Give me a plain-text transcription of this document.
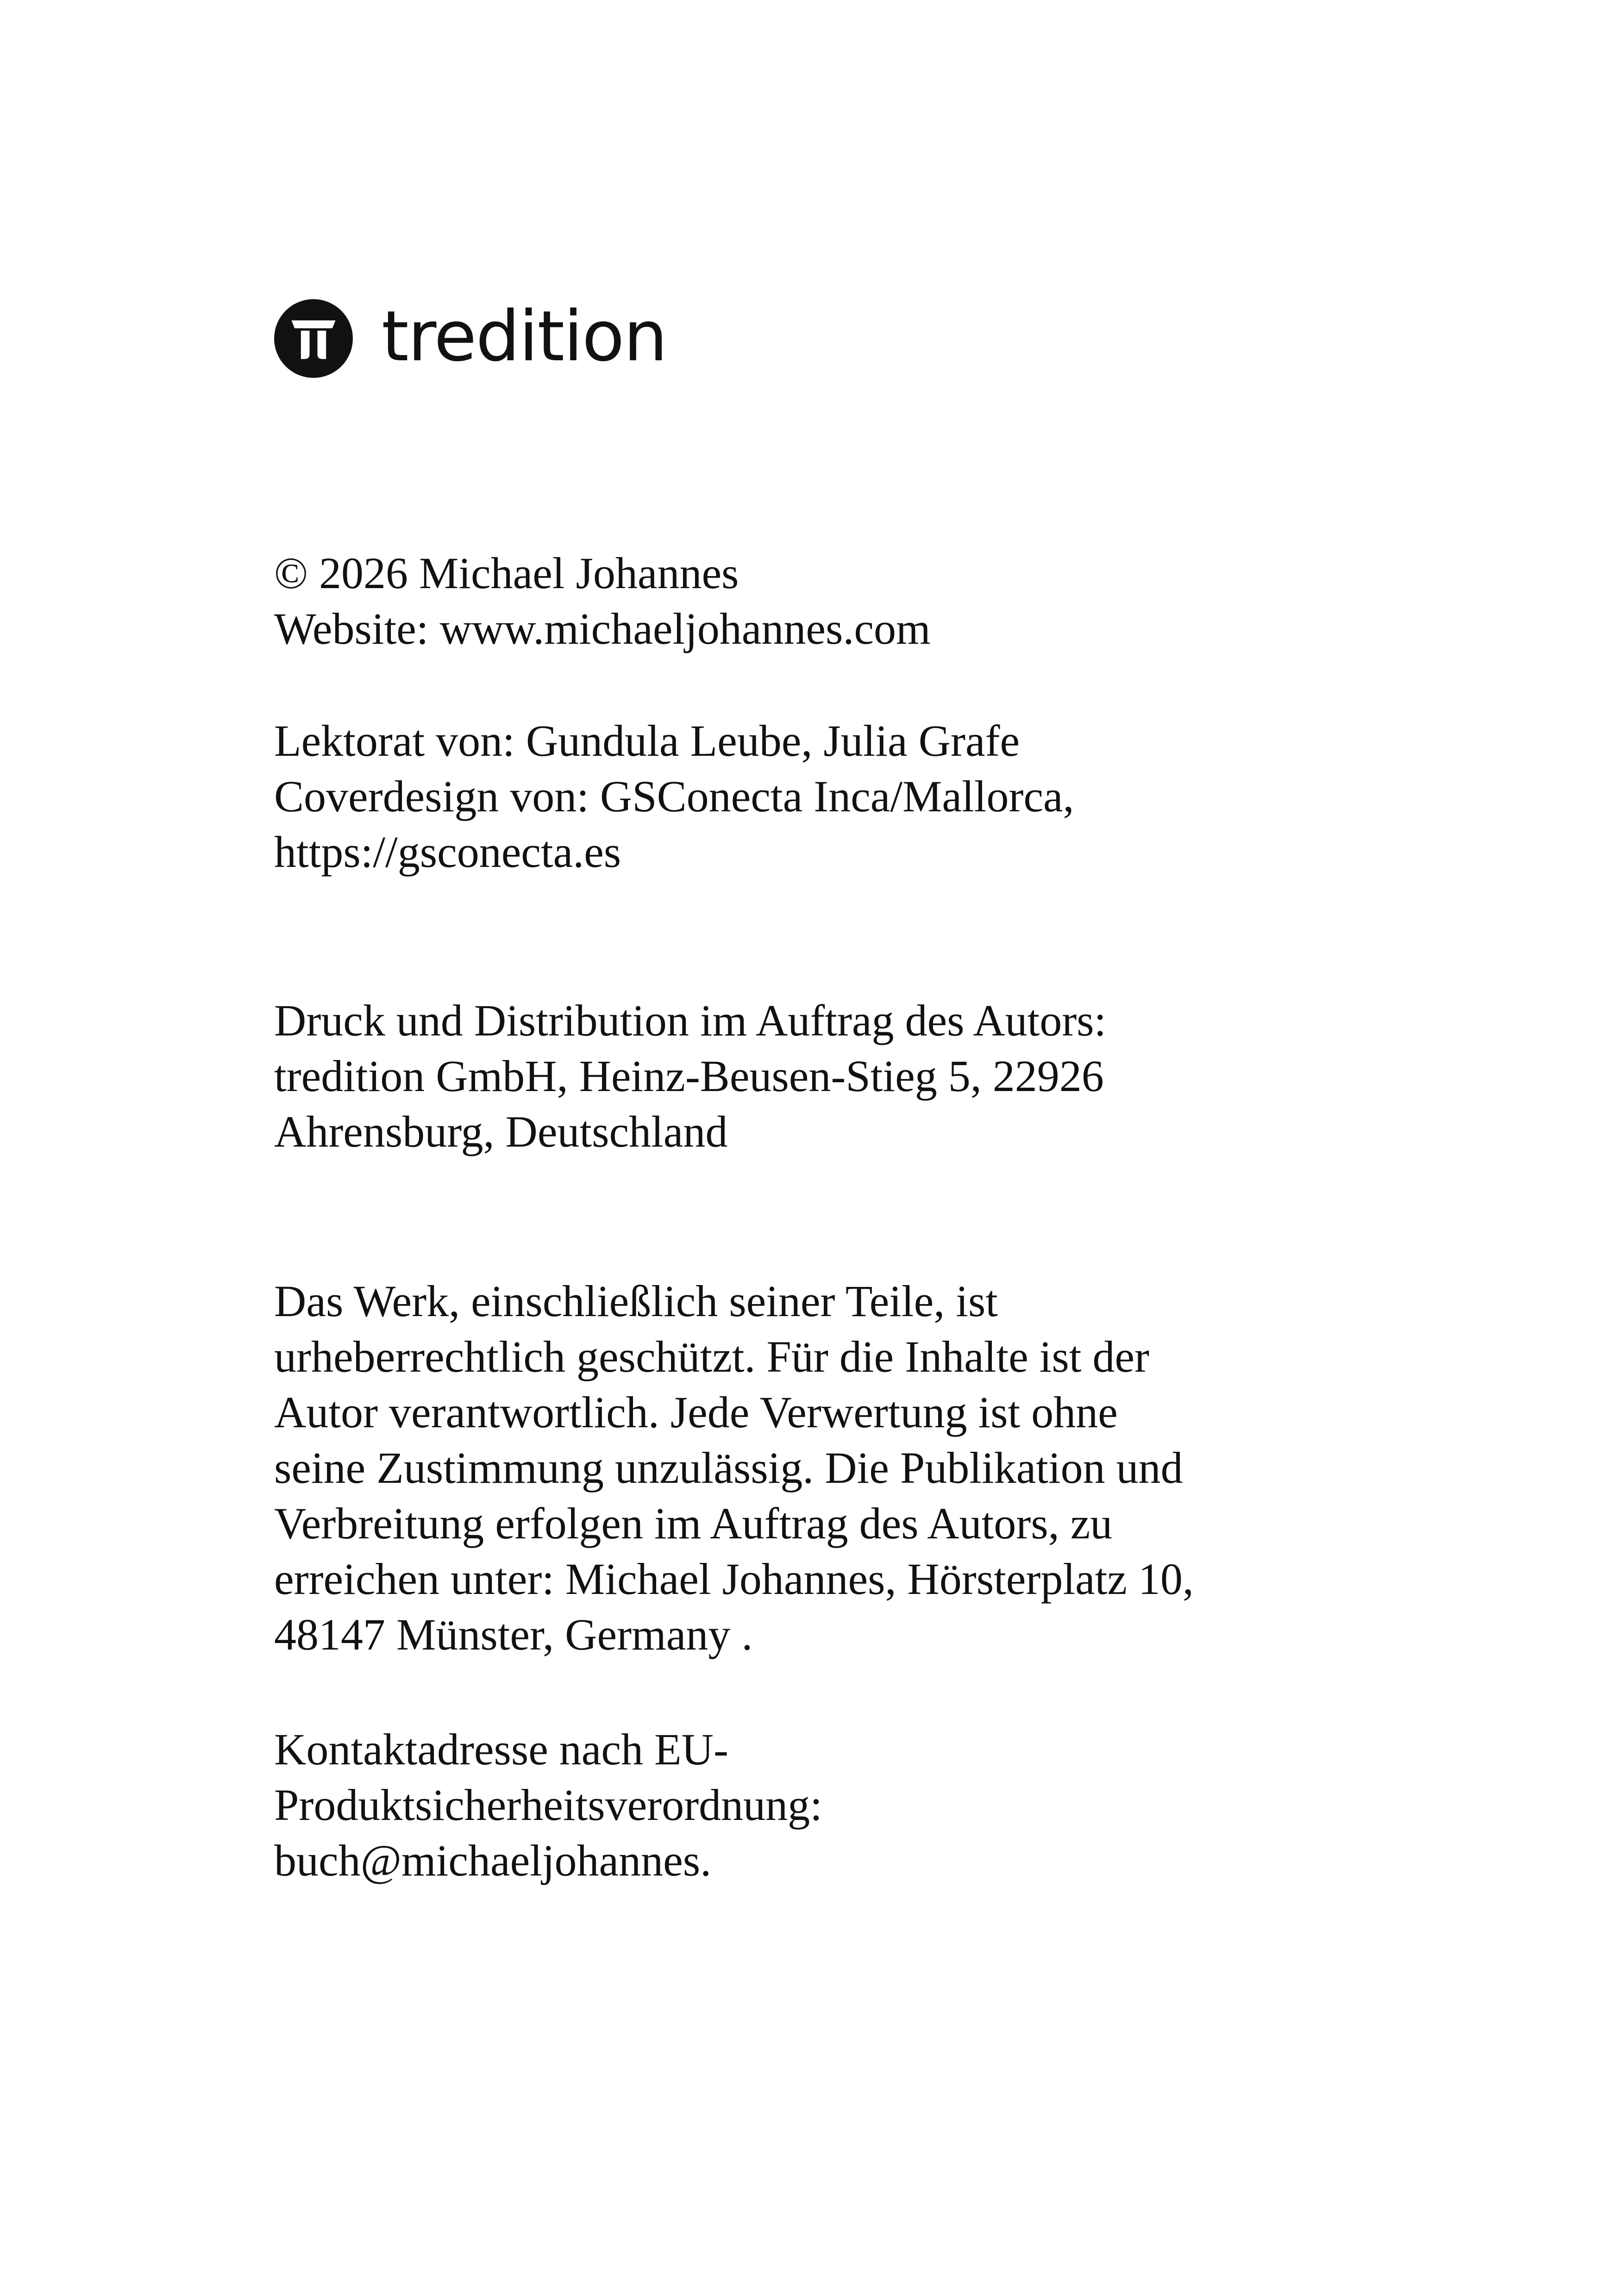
tredition

© 2026 Michael Johannes

Website: www.michaeljohannes.com

Lektorat von: Gundula Leube, Julia Grafe

Coverdesign von: GSConecta Inca/Mallorca,

https://gsconecta.es

Druck und Distribution im Auftrag des Autors:

tredition GmbH, Heinz-Beusen-Stieg 5, 22926

Ahrensburg, Deutschland

Das Werk, einschließlich seiner Teile, ist

urheberrechtlich geschützt. Für die Inhalte ist der

Autor verantwortlich. Jede Verwertung ist ohne

seine Zustimmung unzulässig. Die Publikation und

Verbreitung erfolgen im Auftrag des Autors, zu

erreichen unter: Michael Johannes, Hörsterplatz 10,

48147 Münster, Germany .

Kontaktadresse nach EU-

Produktsicherheitsverordnung:

buch@michaeljohannes.
